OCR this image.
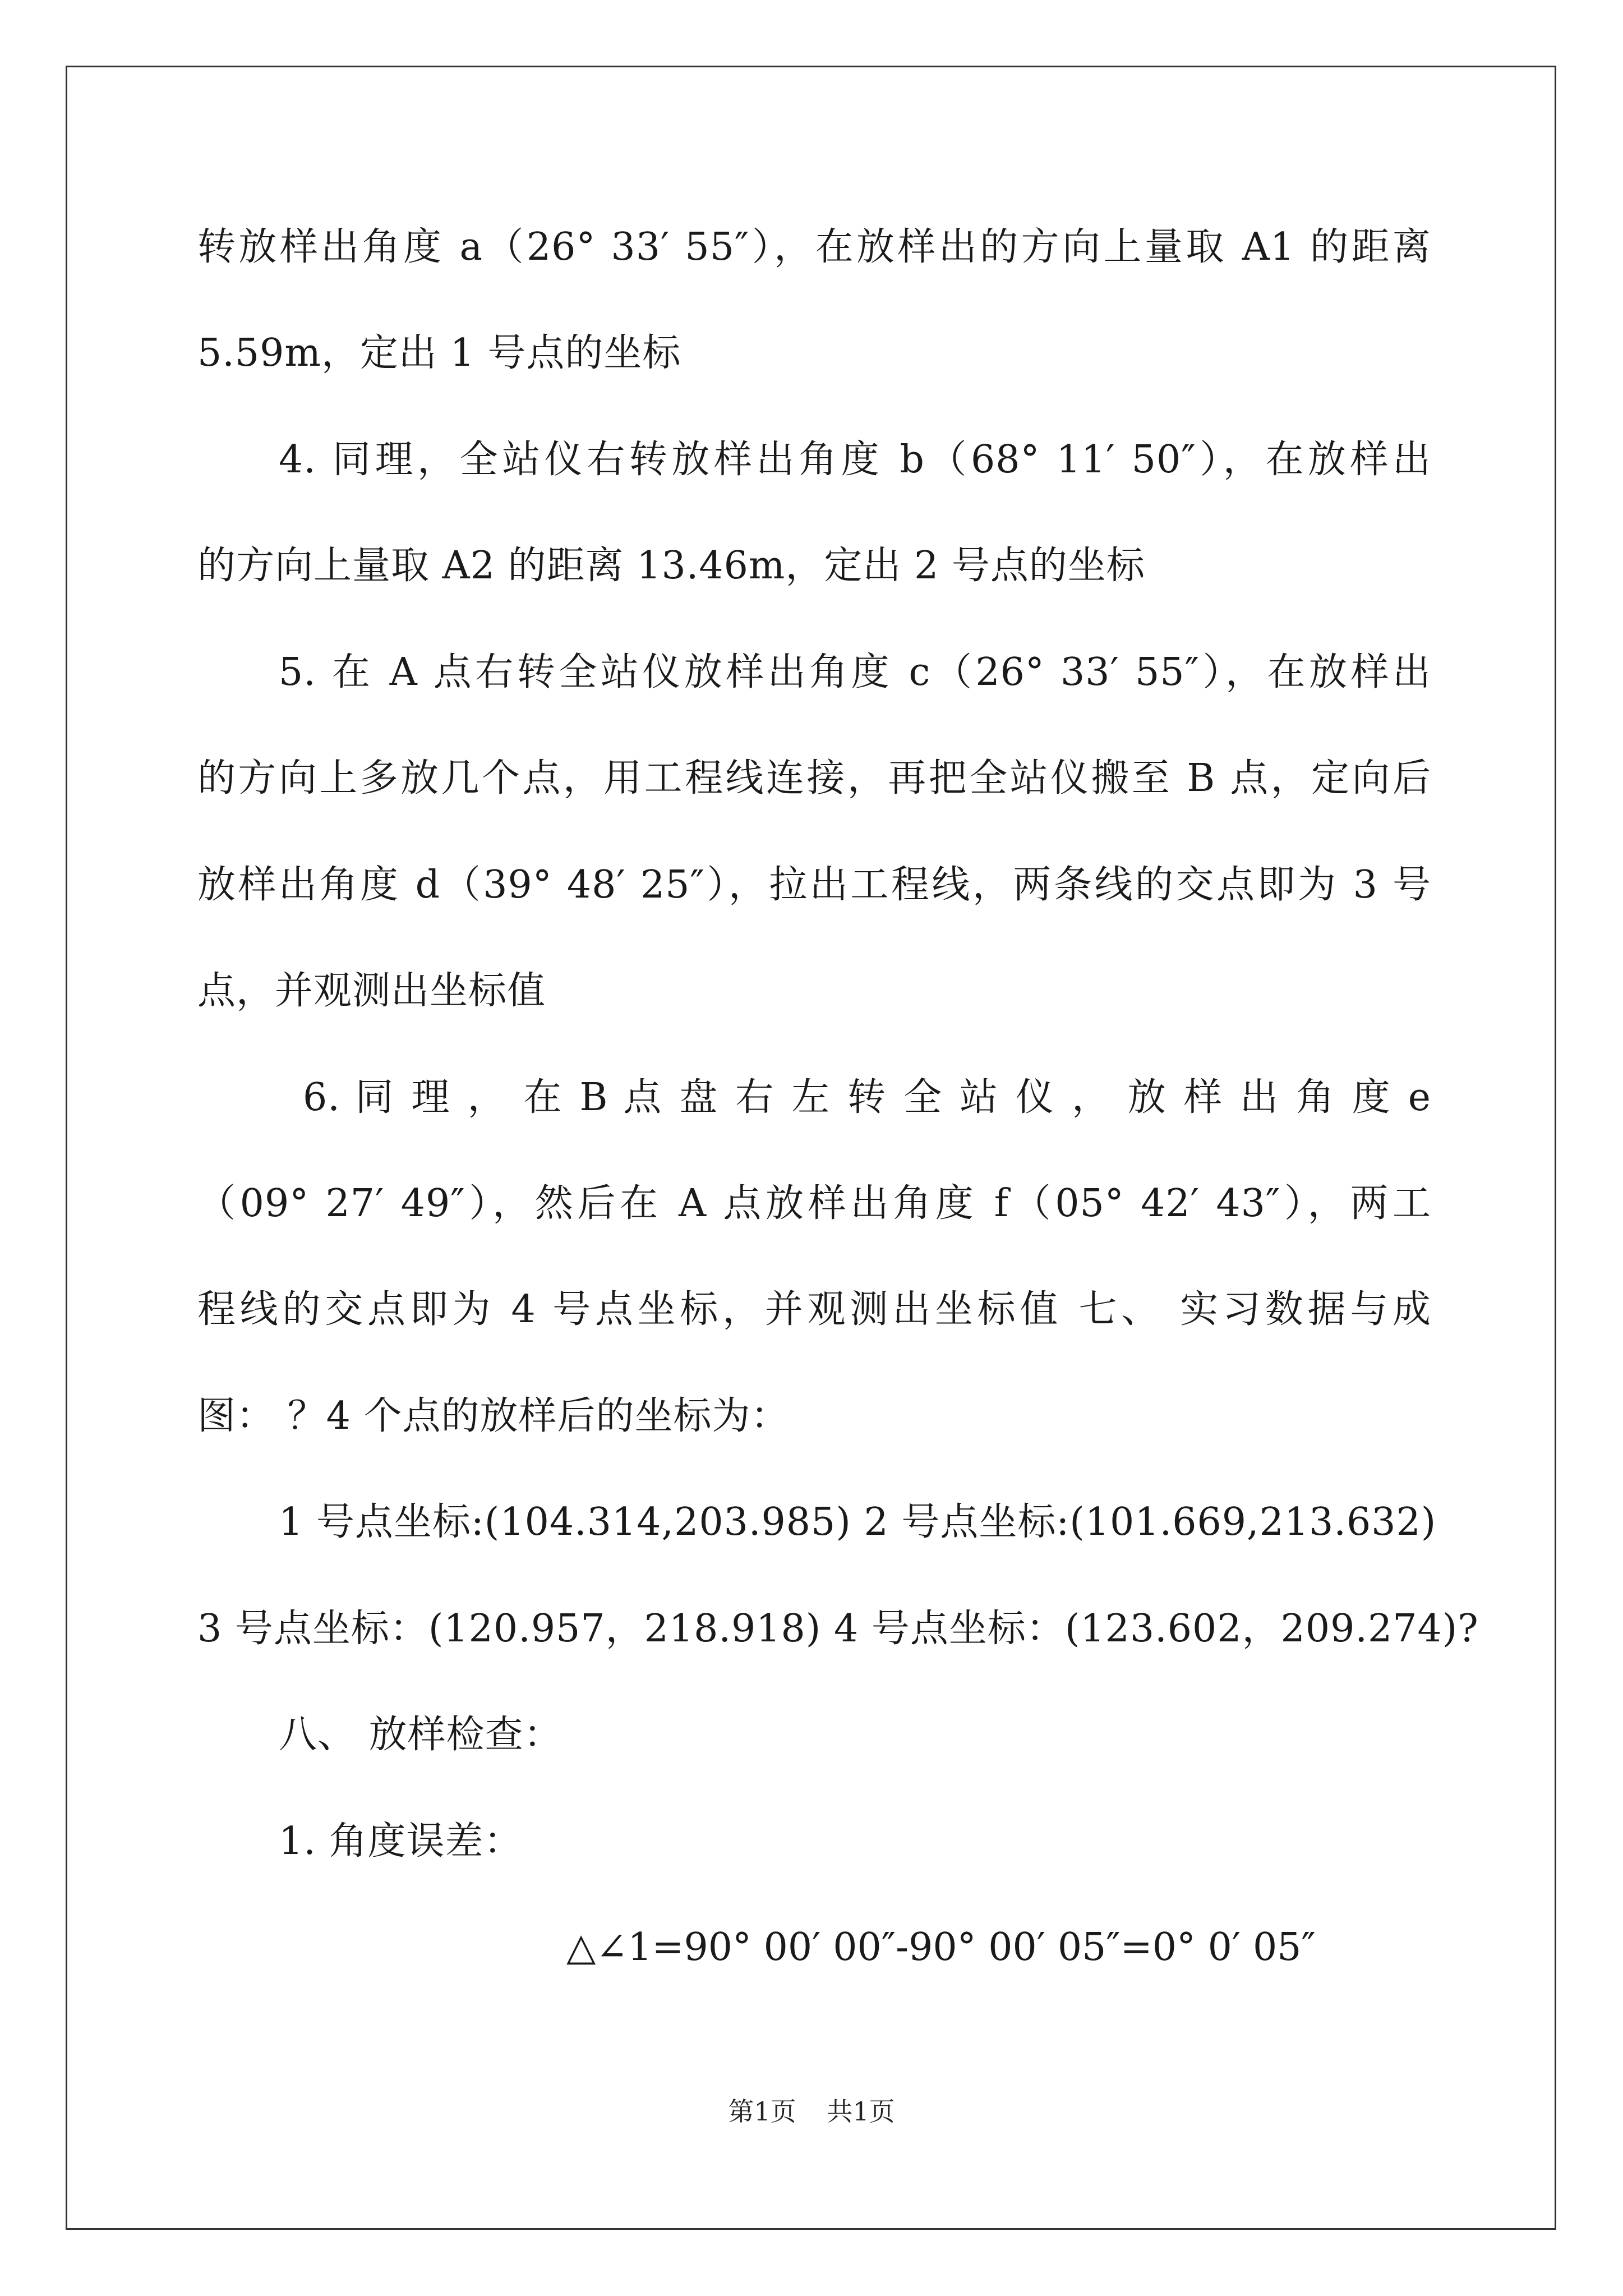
转放样出角度 a（26° 33′ 55″），在放样出的方向上量取 A1 的距离
5.59m，定出 1 号点的坐标
4. 同理，全站仪右转放样出角度 b（68° 11′ 50″），在放样出
的方向上量取 A2 的距离 13.46m，定出 2 号点的坐标
5. 在 A 点右转全站仪放样出角度 c（26° 33′ 55″），在放样出
的方向上多放几个点，用工程线连接，再把全站仪搬至 B 点，定向后
放样出角度 d（39° 48′ 25″），拉出工程线，两条线的交点即为 3 号
点，并观测出坐标值
6. 同 理 ， 在 B 点 盘 右 左 转 全 站 仪 ， 放 样 出 角 度 e
（09° 27′ 49″），然后在 A 点放样出角度 f（05° 42′ 43″），两工
程线的交点即为 4 号点坐标，并观测出坐标值 七、 实习数据与成
图： ？4 个点的放样后的坐标为：
1 号点坐标:(104.314,203.985) 2 号点坐标:(101.669,213.632)
3 号点坐标：(120.957，218.918) 4 号点坐标：(123.602，209.274)?
八、 放样检查：
1. 角度误差：
△∠1=90° 00′ 00″-90° 00′ 05″=0° 0′ 05″
第1页 共1页
